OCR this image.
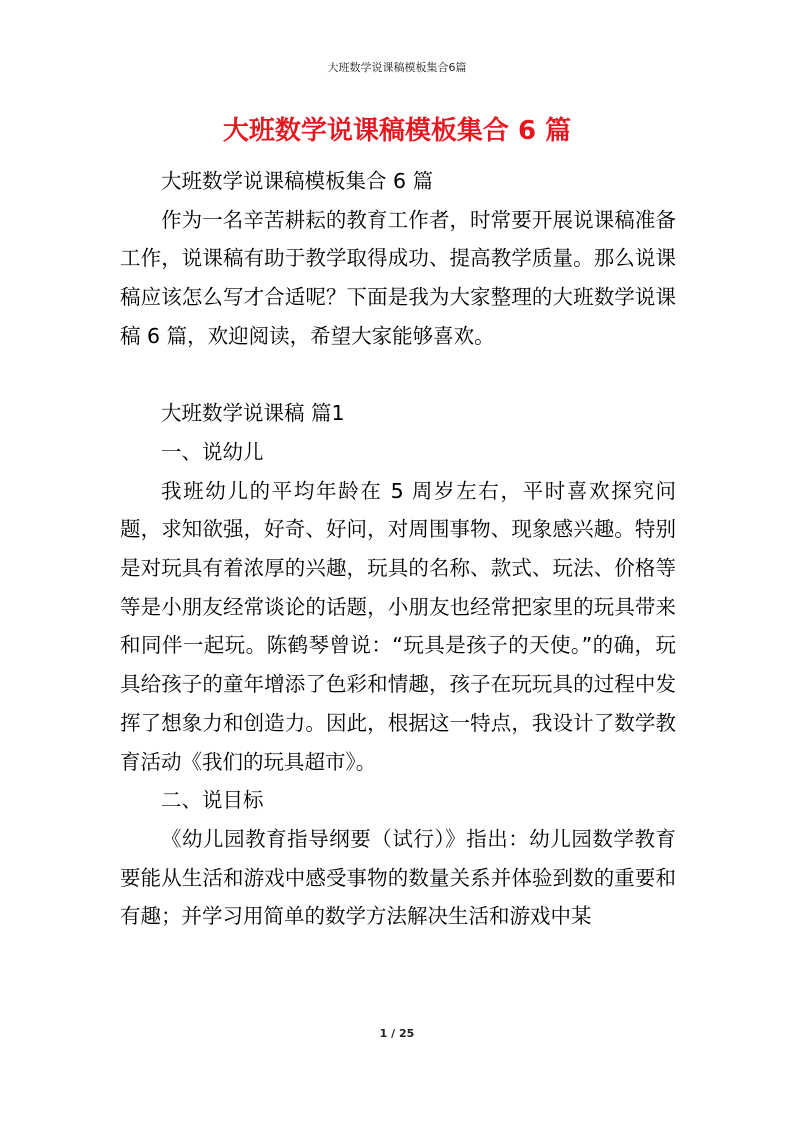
大班数学说课稿模板集合6篇
大班数学说课稿模板集合 6 篇

大班数学说课稿模板集合 6 篇

作为一名辛苦耕耘的教育工作者，时常要开展说课稿准备工作，说课稿有助于教学取得成功、提高教学质量。那么说课稿应该怎么写才合适呢？下面是我为大家整理的大班数学说课稿 6 篇，欢迎阅读，希望大家能够喜欢。

大班数学说课稿 篇1

一、说幼儿

我班幼儿的平均年龄在 5 周岁左右，平时喜欢探究问题，求知欲强，好奇、好问，对周围事物、现象感兴趣。特别是对玩具有着浓厚的兴趣，玩具的名称、款式、玩法、价格等等是小朋友经常谈论的话题，小朋友也经常把家里的玩具带来和同伴一起玩。陈鹤琴曾说：“玩具是孩子的天使。”的确，玩具给孩子的童年增添了色彩和情趣，孩子在玩玩具的过程中发挥了想象力和创造力。因此，根据这一特点，我设计了数学教育活动《我们的玩具超市》。

二、说目标

《幼儿园教育指导纲要（试行）》指出：幼儿园数学教育要能从生活和游戏中感受事物的数量关系并体验到数的重要和有趣；并学习用简单的数学方法解决生活和游戏中某

1 / 25
